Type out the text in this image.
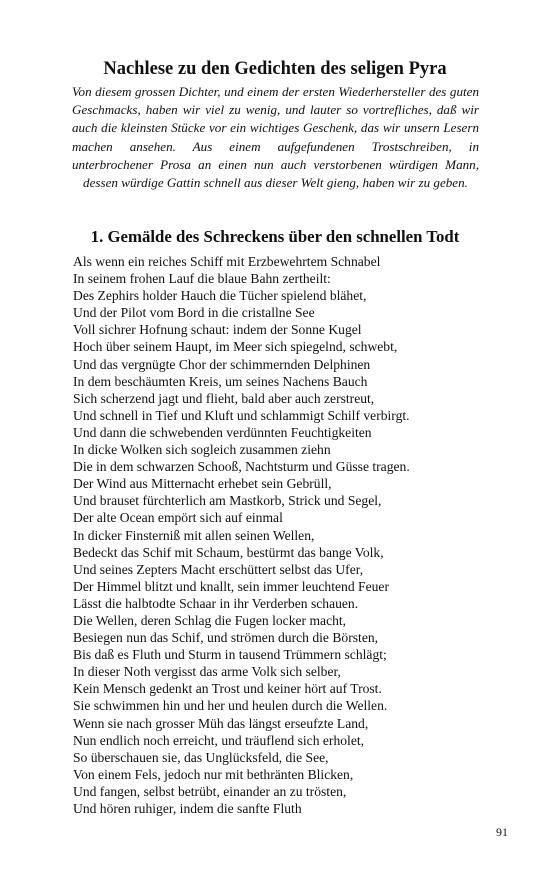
Nachlese zu den Gedichten des seligen Pyra

Von diesem grossen Dichter, und einem der ersten Wiederhersteller des guten Geschmacks, haben wir viel zu wenig, und lauter so vortrefliches, daß wir auch die kleinsten Stücke vor ein wichtiges Geschenk, das wir unsern Lesern machen ansehen. Aus einem aufgefundenen Trostschreiben, in unterbrochener Prosa an einen nun auch verstorbenen würdigen Mann, dessen würdige Gattin schnell aus dieser Welt gieng, haben wir zu geben.

1. Gemälde des Schreckens über den schnellen Todt
Als wenn ein reiches Schiff mit Erzbewehrtem Schnabel
In seinem frohen Lauf die blaue Bahn zertheilt:
Des Zephirs holder Hauch die Tücher spielend blähet,
Und der Pilot vom Bord in die cristallne See
Voll sichrer Hofnung schaut: indem der Sonne Kugel
Hoch über seinem Haupt, im Meer sich spiegelnd, schwebt,
Und das vergnügte Chor der schimmernden Delphinen
In dem beschäumten Kreis, um seines Nachens Bauch
Sich scherzend jagt und flieht, bald aber auch zerstreut,
Und schnell in Tief und Kluft und schlammigt Schilf verbirgt.
Und dann die schwebenden verdünnten Feuchtigkeiten
In dicke Wolken sich sogleich zusammen ziehn
Die in dem schwarzen Schooß, Nachtsturm und Güsse tragen.
Der Wind aus Mitternacht erhebet sein Gebrüll,
Und brauset fürchterlich am Mastkorb, Strick und Segel,
Der alte Ocean empört sich auf einmal
In dicker Finsterniß mit allen seinen Wellen,
Bedeckt das Schif mit Schaum, bestürmt das bange Volk,
Und seines Zepters Macht erschüttert selbst das Ufer,
Der Himmel blitzt und knallt, sein immer leuchtend Feuer
Lässt die halbtodte Schaar in ihr Verderben schauen.
Die Wellen, deren Schlag die Fugen locker macht,
Besiegen nun das Schif, und strömen durch die Börsten,
Bis daß es Fluth und Sturm in tausend Trümmern schlägt;
In dieser Noth vergisst das arme Volk sich selber,
Kein Mensch gedenkt an Trost und keiner hört auf Trost.
Sie schwimmen hin und her und heulen durch die Wellen.
Wenn sie nach grosser Müh das längst erseufzte Land,
Nun endlich noch erreicht, und träuflend sich erholet,
So überschauen sie, das Unglücksfeld, die See,
Von einem Fels, jedoch nur mit bethränten Blicken,
Und fangen, selbst betrübt, einander an zu trösten,
Und hören ruhiger, indem die sanfte Fluth
91
